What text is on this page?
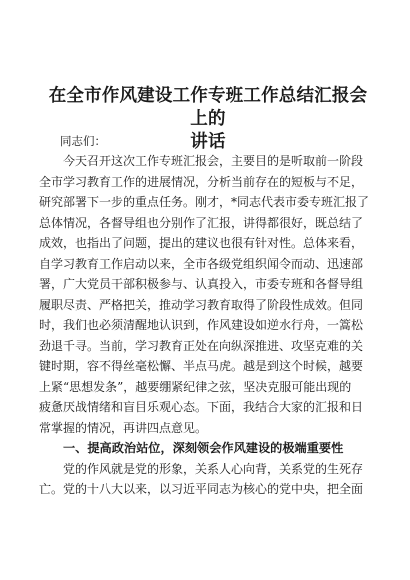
在全市作风建设工作专班工作总结汇报会上的
讲话
同志们：
今天召开这次工作专班汇报会，主要目的是听取前一阶段
全市学习教育工作的进展情况，分析当前存在的短板与不足，
研究部署下一步的重点任务。刚才，*同志代表市委专班汇报了
总体情况，各督导组也分别作了汇报，讲得都很好，既总结了
成效，也指出了问题，提出的建议也很有针对性。总体来看，
自学习教育工作启动以来，全市各级党组织闻令而动、迅速部
署，广大党员干部积极参与、认真投入，市委专班和各督导组
履职尽责、严格把关，推动学习教育取得了阶段性成效。但同
时，我们也必须清醒地认识到，作风建设如逆水行舟，一篙松
劲退千寻。当前，学习教育正处在向纵深推进、攻坚克难的关
键时期，容不得丝毫松懈、半点马虎。越是到这个时候，越要
上紧“思想发条”，越要绷紧纪律之弦，坚决克服可能出现的
疲惫厌战情绪和盲目乐观心态。下面，我结合大家的汇报和日
常掌握的情况，再讲四点意见。
一、提高政治站位，深刻领会作风建设的极端重要性
党的作风就是党的形象，关系人心向背，关系党的生死存
亡。党的十八大以来，以习近平同志为核心的党中央，把全面
